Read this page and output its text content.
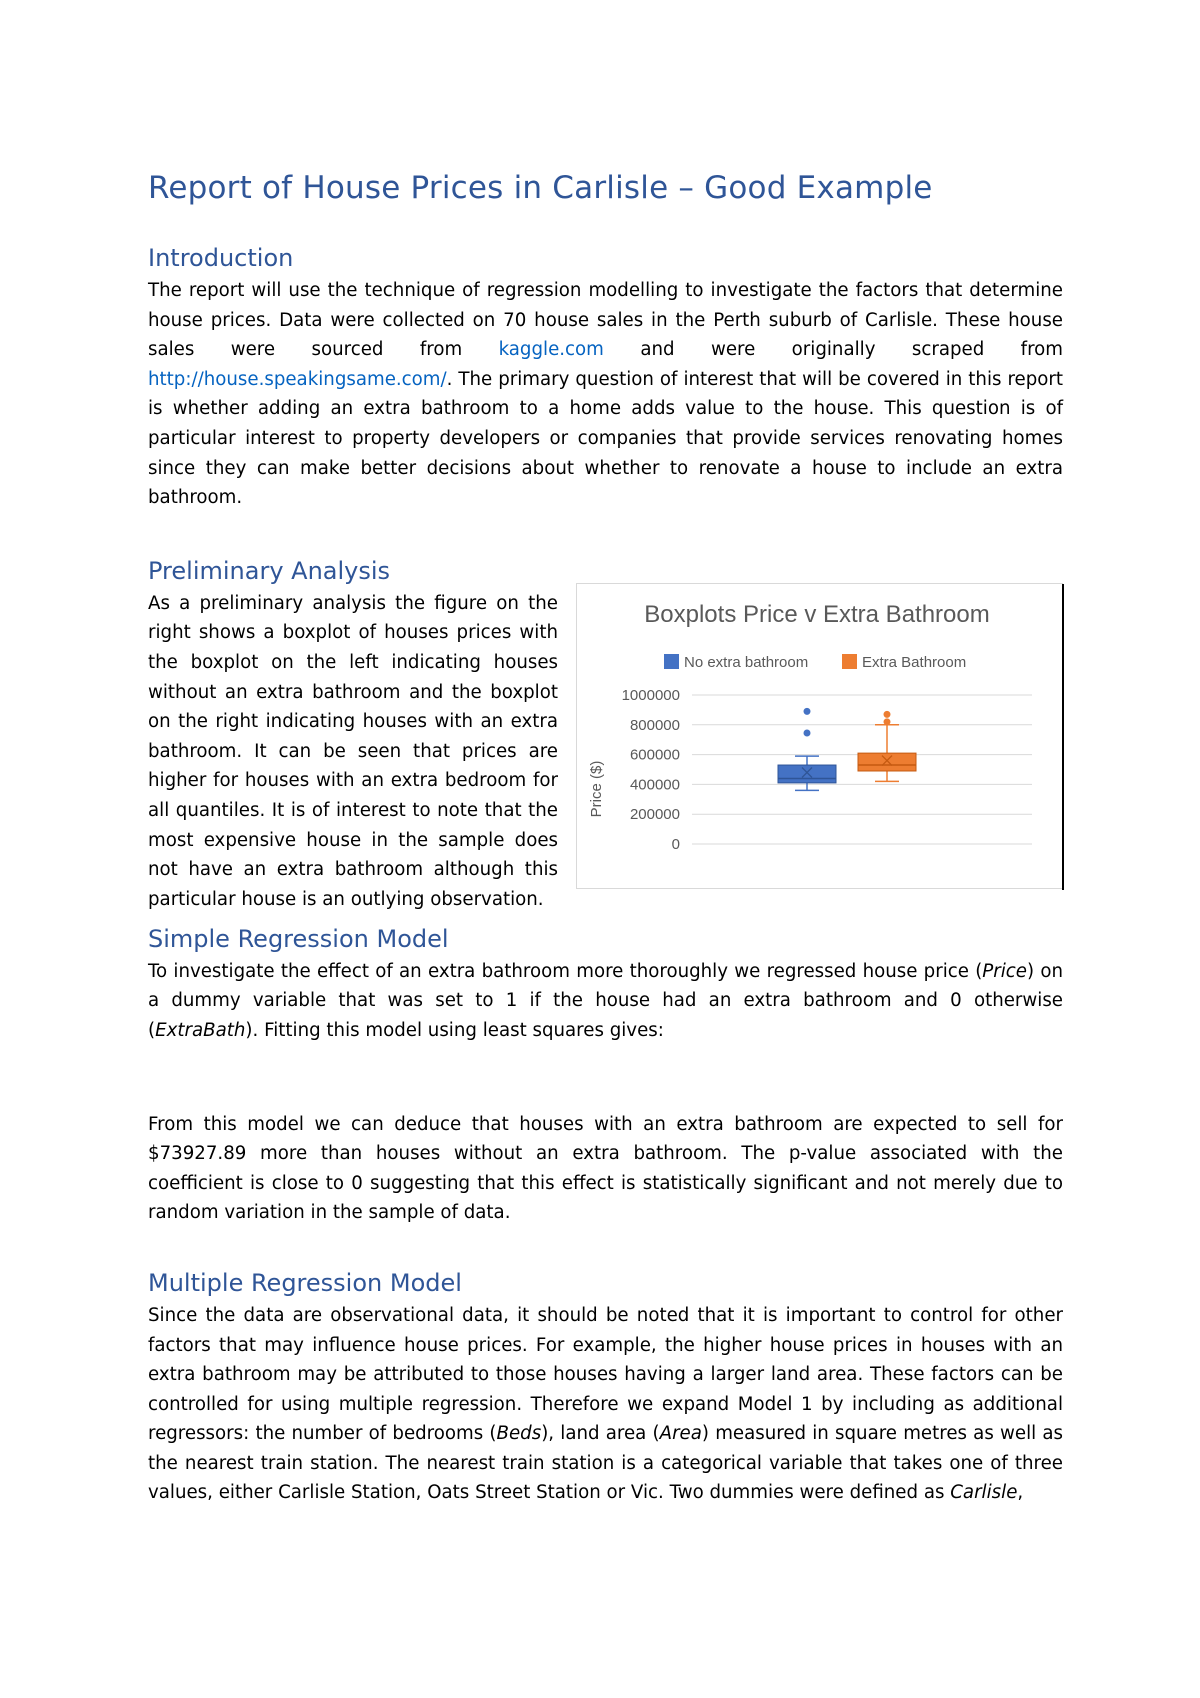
Report of House Prices in Carlisle – Good Example
Introduction

The report will use the technique of regression modelling to investigate the factors that determine house prices. Data were collected on 70 house sales in the Perth suburb of Carlisle. These house sales were sourced from kaggle.com and were originally scraped from http://house.speakingsame.com/. The primary question of interest that will be covered in this report is whether adding an extra bathroom to a home adds value to the house. This question is of particular interest to property developers or companies that provide services renovating homes since they can make better decisions about whether to renovate a house to include an extra bathroom.

Preliminary Analysis

As a preliminary analysis the figure on the right shows a boxplot of houses prices with the boxplot on the left indicating houses without an extra bathroom and the boxplot on the right indicating houses with an extra bathroom. It can be seen that prices are higher for houses with an extra bedroom for all quantiles. It is of interest to note that the most expensive house in the sample does not have an extra bathroom although this particular house is an outlying observation.

Boxplots Price v Extra Bathroom
No extra bathroom	Extra Bathroom
Price ($)
1000000
800000
600000
400000
200000
0
Simple Regression Model

To investigate the effect of an extra bathroom more thoroughly we regressed house price (Price) on a dummy variable that was set to 1 if the house had an extra bathroom and 0 otherwise (ExtraBath). Fitting this model using least squares gives:

From this model we can deduce that houses with an extra bathroom are expected to sell for $73927.89 more than houses without an extra bathroom. The p-value associated with the coefficient is close to 0 suggesting that this effect is statistically significant and not merely due to random variation in the sample of data.

Multiple Regression Model

Since the data are observational data, it should be noted that it is important to control for other factors that may influence house prices. For example, the higher house prices in houses with an extra bathroom may be attributed to those houses having a larger land area. These factors can be controlled for using multiple regression. Therefore we expand Model 1 by including as additional regressors: the number of bedrooms (Beds), land area (Area) measured in square metres as well as the nearest train station. The nearest train station is a categorical variable that takes one of three values, either Carlisle Station, Oats Street Station or Vic. Two dummies were defined as Carlisle,
